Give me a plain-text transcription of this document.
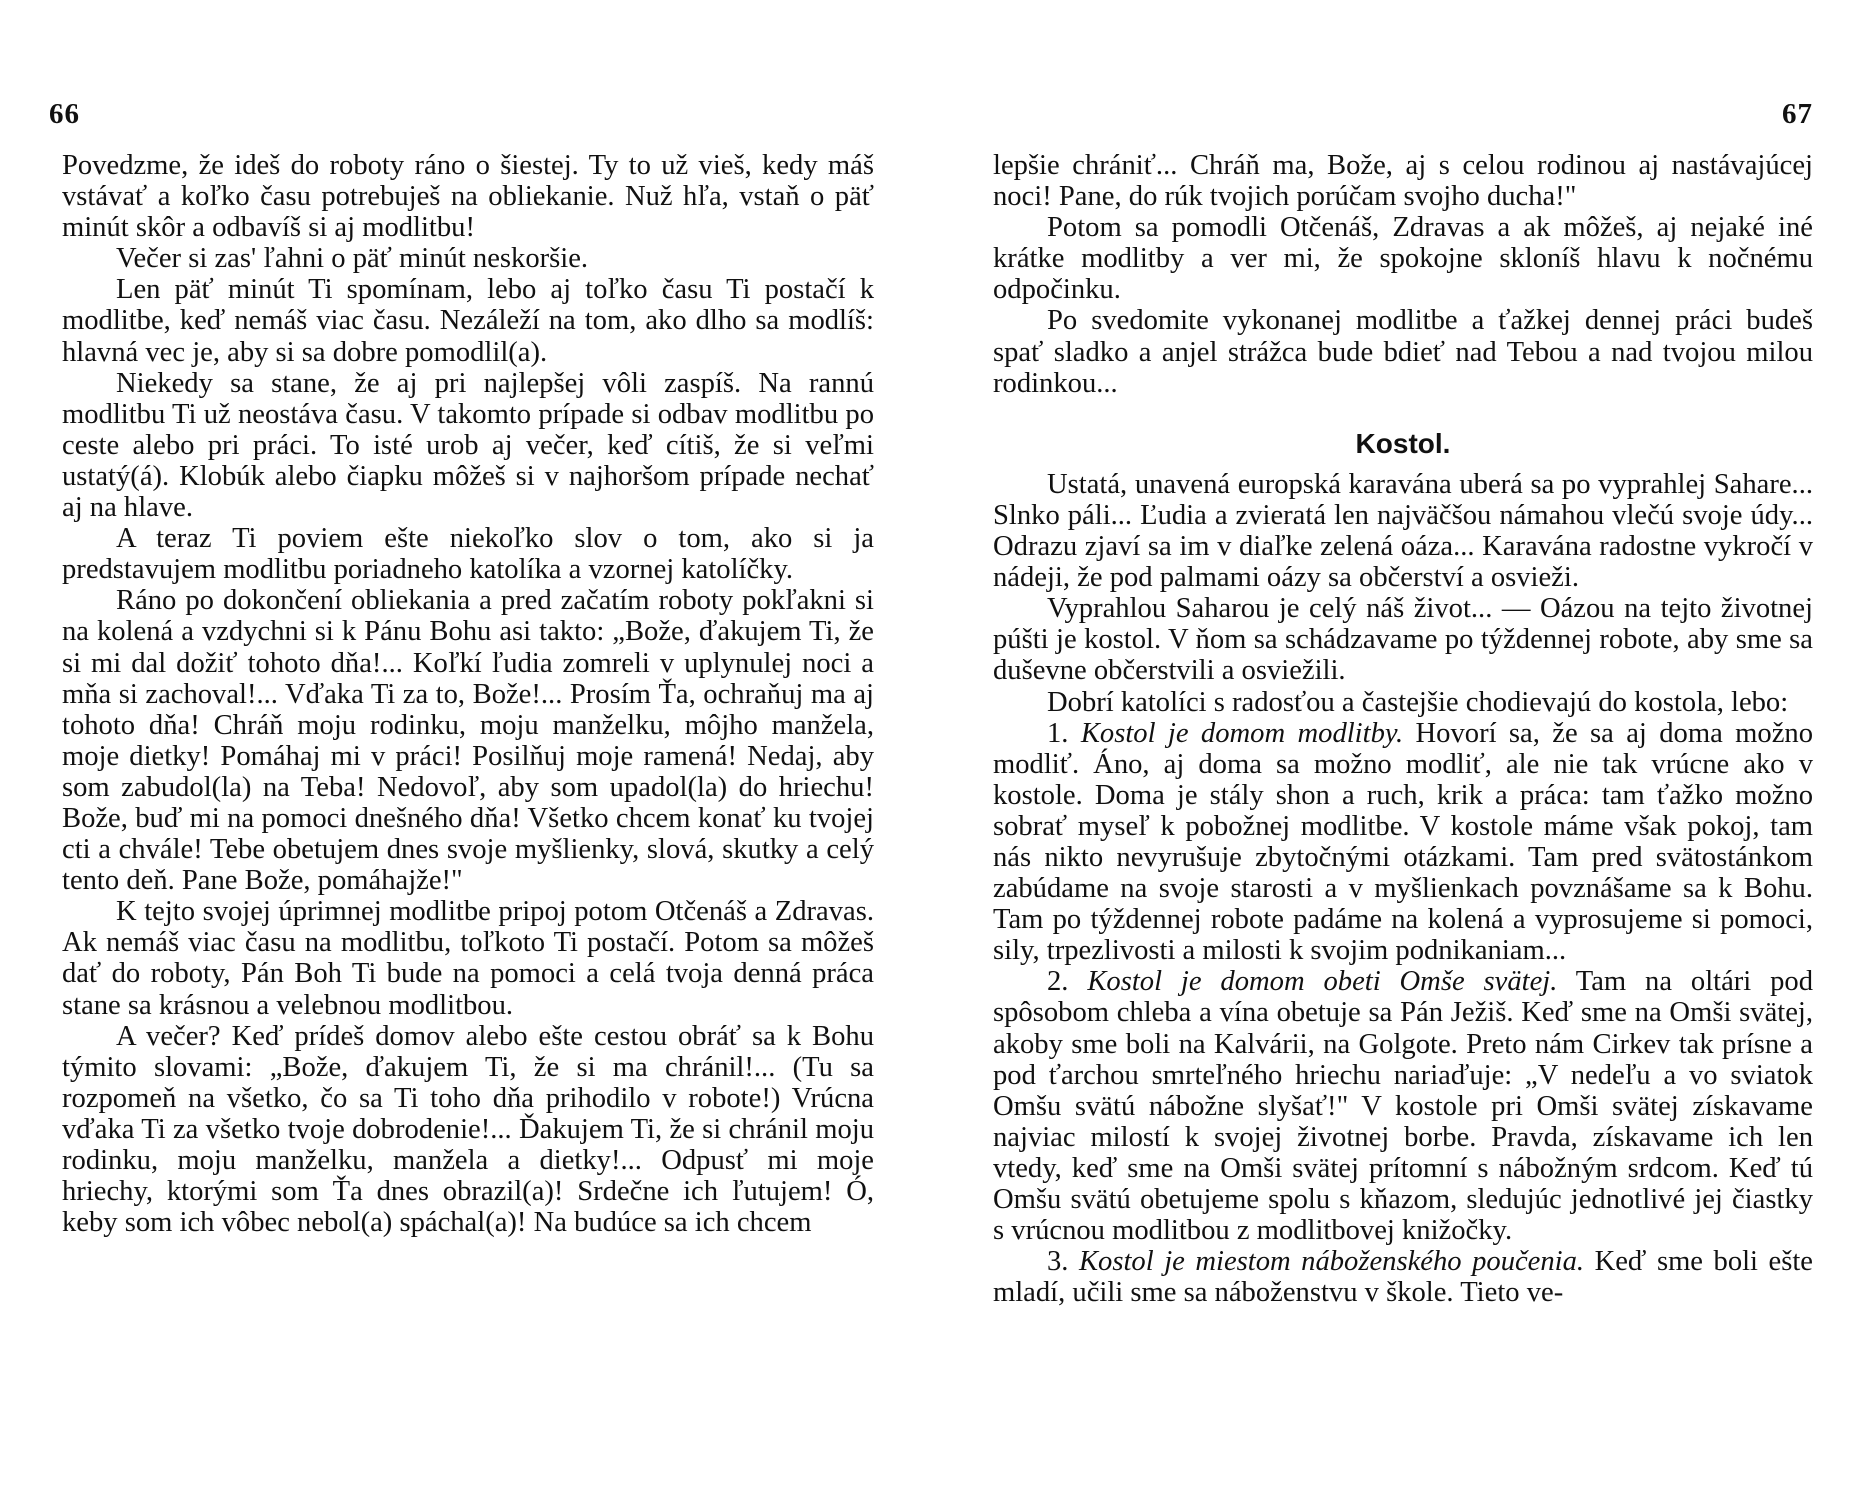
66

Povedzme, že ideš do roboty ráno o šiestej. Ty to už vieš, kedy máš vstávať a koľko času potrebuješ na obliekanie. Nuž hľa, vstaň o päť minút skôr a odbavíš si aj modlitbu!

Večer si zas' ľahni o päť minút neskoršie.

Len päť minút Ti spomínam, lebo aj toľko času Ti postačí k modlitbe, keď nemáš viac času. Nezáleží na tom, ako dlho sa modlíš: hlavná vec je, aby si sa dobre pomodlil(a).

Niekedy sa stane, že aj pri najlepšej vôli zaspíš. Na rannú modlitbu Ti už neostáva času. V takomto prípade si odbav modlitbu po ceste alebo pri práci. To isté urob aj večer, keď cítiš, že si veľmi ustatý(á). Klobúk alebo čiapku môžeš si v najhoršom prípade nechať aj na hlave.

A teraz Ti poviem ešte niekoľko slov o tom, ako si ja predstavujem modlitbu poriadneho katolíka a vzornej katolíčky.

Ráno po dokončení obliekania a pred začatím roboty pokľakni si na kolená a vzdychni si k Pánu Bohu asi takto: „Bože, ďakujem Ti, že si mi dal dožiť tohoto dňa!... Koľkí ľudia zomreli v uplynulej noci a mňa si zachoval!... Vďaka Ti za to, Bože!... Prosím Ťa, ochraňuj ma aj tohoto dňa! Chráň moju rodinku, moju manželku, môjho manžela, moje dietky! Pomáhaj mi v práci! Posilňuj moje ramená! Nedaj, aby som zabudol(la) na Teba! Nedovoľ, aby som upadol(la) do hriechu! Bože, buď mi na pomoci dnešného dňa! Všetko chcem konať ku tvojej cti a chvále! Tebe obetujem dnes svoje myšlienky, slová, skutky a celý tento deň. Pane Bože, pomáhajže!"

K tejto svojej úprimnej modlitbe pripoj potom Otčenáš a Zdravas. Ak nemáš viac času na modlitbu, toľkoto Ti postačí. Potom sa môžeš dať do roboty, Pán Boh Ti bude na pomoci a celá tvoja denná práca stane sa krásnou a velebnou modlitbou.

A večer? Keď prídeš domov alebo ešte cestou obráť sa k Bohu týmito slovami: „Bože, ďakujem Ti, že si ma chránil!... (Tu sa rozpomeň na všetko, čo sa Ti toho dňa prihodilo v robote!) Vrúcna vďaka Ti za všetko tvoje dobrodenie!... Ďakujem Ti, že si chránil moju rodinku, moju manželku, manžela a dietky!... Odpusť mi moje hriechy, ktorými som Ťa dnes obrazil(a)! Srdečne ich ľutujem! Ó, keby som ich vôbec nebol(a) spáchal(a)! Na budúce sa ich chcem

67

lepšie chrániť... Chráň ma, Bože, aj s celou rodinou aj nastávajúcej noci! Pane, do rúk tvojich porúčam svojho ducha!"

Potom sa pomodli Otčenáš, Zdravas a ak môžeš, aj nejaké iné krátke modlitby a ver mi, že spokojne skloníš hlavu k nočnému odpočinku.

Po svedomite vykonanej modlitbe a ťažkej dennej práci budeš spať sladko a anjel strážca bude bdieť nad Tebou a nad tvojou milou rodinkou...

Kostol.

Ustatá, unavená europská karavána uberá sa po vyprahlej Sahare... Slnko páli... Ľudia a zvieratá len najväčšou námahou vlečú svoje údy... Odrazu zjaví sa im v diaľke zelená oáza... Karavána radostne vykročí v nádeji, že pod palmami oázy sa občerství a osvieži.

Vyprahlou Saharou je celý náš život... — Oázou na tejto životnej púšti je kostol. V ňom sa schádzavame po týždennej robote, aby sme sa duševne občerstvili a osviežili.

Dobrí katolíci s radosťou a častejšie chodievajú do kostola, lebo:

1. Kostol je domom modlitby. Hovorí sa, že sa aj doma možno modliť. Áno, aj doma sa možno modliť, ale nie tak vrúcne ako v kostole. Doma je stály shon a ruch, krik a práca: tam ťažko možno sobrať myseľ k pobožnej modlitbe. V kostole máme však pokoj, tam nás nikto nevyrušuje zbytočnými otázkami. Tam pred svätostánkom zabúdame na svoje starosti a v myšlienkach povznášame sa k Bohu. Tam po týždennej robote padáme na kolená a vyprosujeme si pomoci, sily, trpezlivosti a milosti k svojim podnikaniam...

2. Kostol je domom obeti Omše svätej. Tam na oltári pod spôsobom chleba a vína obetuje sa Pán Ježiš. Keď sme na Omši svätej, akoby sme boli na Kalvárii, na Golgote. Preto nám Cirkev tak prísne a pod ťarchou smrteľného hriechu nariaďuje: „V nedeľu a vo sviatok Omšu svätú nábožne slyšať!" V kostole pri Omši svätej získavame najviac milostí k svojej životnej borbe. Pravda, získavame ich len vtedy, keď sme na Omši svätej prítomní s nábožným srdcom. Keď tú Omšu svätú obetujeme spolu s kňazom, sledujúc jednotlivé jej čiastky s vrúcnou modlitbou z modlitbovej knižočky.

3. Kostol je miestom náboženského poučenia. Keď sme boli ešte mladí, učili sme sa náboženstvu v škole. Tieto ve-
